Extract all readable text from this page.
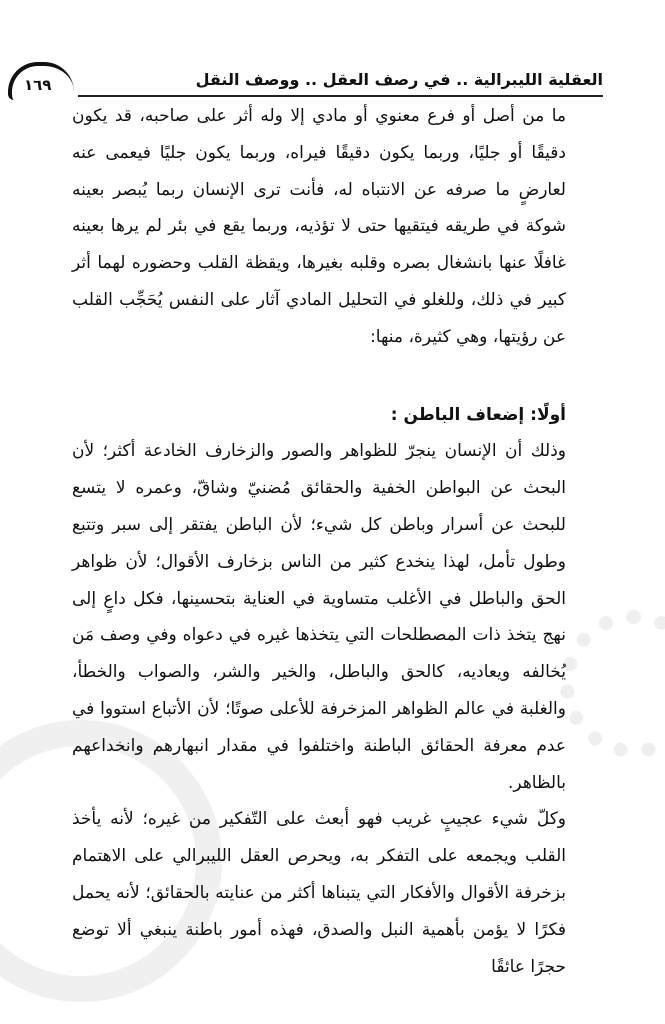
العقلية الليبرالية .. في رصف العقل .. ووصف النقل
١٦٩

ما من أصل أو فرع معنوي أو مادي إلا وله أثر على صاحبه، قد يكون دقيقًا أو جليًا، وربما يكون دقيقًا فيراه، وربما يكون جليًا فيعمى عنه لعارضٍ ما صرفه عن الانتباه له، فأنت ترى الإنسان ربما يُبصر بعينه شوكة في طريقه فيتقيها حتى لا تؤذيه، وربما يقع في بئر لم يرها بعينه غافلًا عنها بانشغال بصره وقلبه بغيرها، ويقظة القلب وحضوره لهما أثر كبير في ذلك، وللغلو في التحليل المادي آثار على النفس يُحَجِّب القلب عن رؤيتها، وهي كثيرة، منها:

أولًا: إضعاف الباطن :

وذلك أن الإنسان ينجرّ للظواهر والصور والزخارف الخادعة أكثر؛ لأن البحث عن البواطن الخفية والحقائق مُضنيّ وشاقّ، وعمره لا يتسع للبحث عن أسرار وباطن كل شيء؛ لأن الباطن يفتقر إلى سبر وتتبع وطول تأمل، لهذا ينخدع كثير من الناس بزخارف الأقوال؛ لأن ظواهر الحق والباطل في الأغلب متساوية في العناية بتحسينها، فكل داعٍ إلى نهج يتخذ ذات المصطلحات التي يتخذها غيره في دعواه وفي وصف مَن يُخالفه ويعاديه، كالحق والباطل، والخير والشر، والصواب والخطأ، والغلبة في عالم الظواهر المزخرفة للأعلى صوتًا؛ لأن الأتباع استووا في عدم معرفة الحقائق الباطنة واختلفوا في مقدار انبهارهم وانخداعهم بالظاهر.

وكلّ شيء عجيبٍ غريب فهو أبعث على التّفكير من غيره؛ لأنه يأخذ القلب ويجمعه على التفكر به، ويحرص العقل الليبرالي على الاهتمام بزخرفة الأقوال والأفكار التي يتبناها أكثر من عنايته بالحقائق؛ لأنه يحمل فكرًا لا يؤمن بأهمية النبل والصدق، فهذه أمور باطنة ينبغي ألا توضع حجرًا عائقًا
